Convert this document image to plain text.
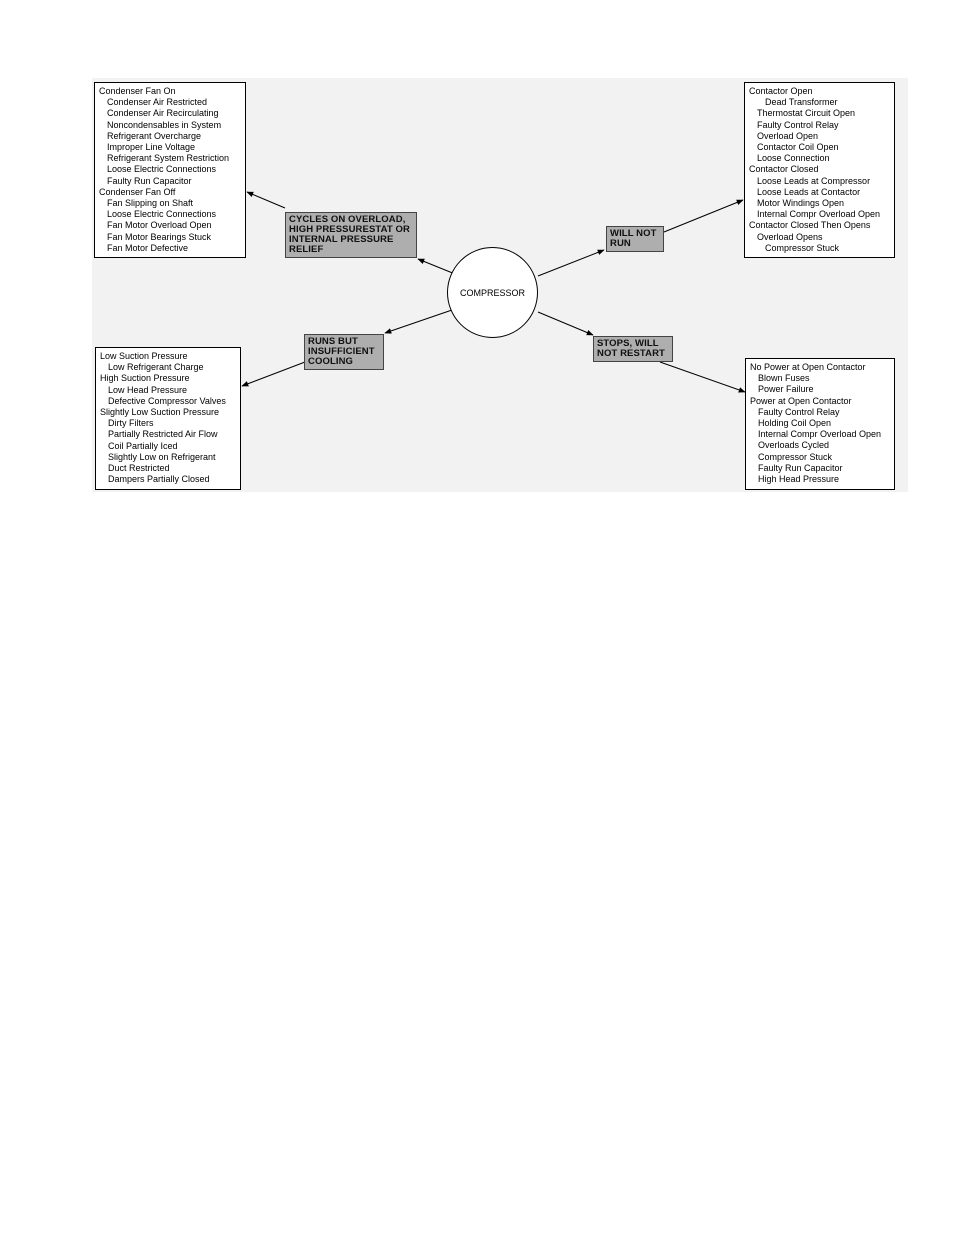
COMPRESSOR
CYCLES ON OVERLOAD, HIGH PRESSURESTAT OR INTERNAL PRESSURE RELIEF
WILL NOT RUN
RUNS BUT INSUFFICIENT COOLING
STOPS, WILL NOT RESTART
Condenser Fan On
Condenser Air Restricted
Condenser Air Recirculating
Noncondensables in System
Refrigerant Overcharge
Improper Line Voltage
Refrigerant System Restriction
Loose Electric Connections
Faulty Run Capacitor
Condenser Fan Off
Fan Slipping on Shaft
Loose Electric Connections
Fan Motor Overload Open
Fan Motor Bearings Stuck
Fan Motor Defective
Contactor Open
Dead Transformer
Thermostat Circuit Open
Faulty Control Relay
Overload Open
Contactor Coil Open
Loose Connection
Contactor Closed
Loose Leads at Compressor
Loose Leads at Contactor
Motor Windings Open
Internal Compr Overload Open
Contactor Closed Then Opens
Overload Opens
Compressor Stuck
Low Suction Pressure
Low Refrigerant Charge
High Suction Pressure
Low Head Pressure
Defective Compressor Valves
Slightly Low Suction Pressure
Dirty Filters
Partially Restricted Air Flow
Coil Partially Iced
Slightly Low on Refrigerant
Duct Restricted
Dampers Partially Closed
No Power at Open Contactor
Blown Fuses
Power Failure
Power at Open Contactor
Faulty Control Relay
Holding Coil Open
Internal Compr Overload Open
Overloads Cycled
Compressor Stuck
Faulty Run Capacitor
High Head Pressure
